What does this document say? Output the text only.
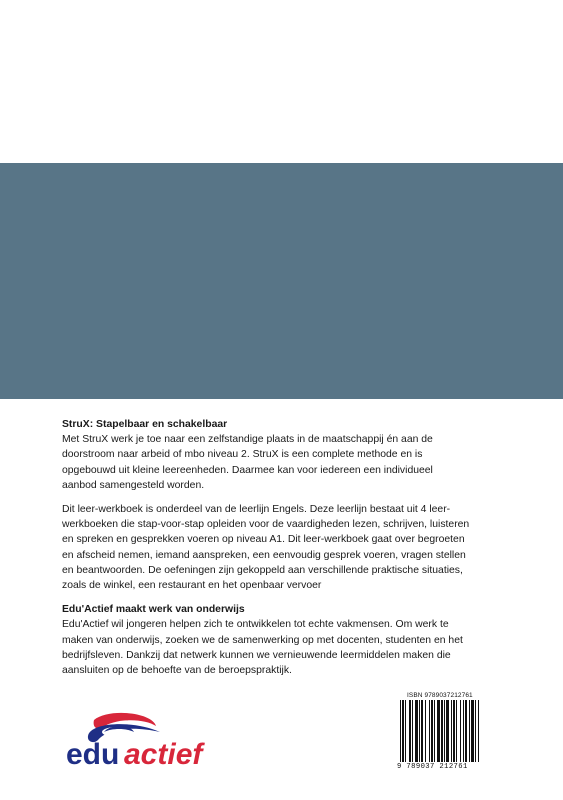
StruX: Stapelbaar en schakelbaar

Met StruX werk je toe naar een zelfstandige plaats in de maatschappij én aan de

doorstroom naar arbeid of mbo niveau 2. StruX is een complete methode en is

opgebouwd uit kleine leereenheden. Daarmee kan voor iedereen een individueel

aanbod samengesteld worden.

Dit leer-werkboek is onderdeel van de leerlijn Engels. Deze leerlijn bestaat uit 4 leer-

werkboeken die stap-voor-stap opleiden voor de vaardigheden lezen, schrijven, luisteren

en spreken en gesprekken voeren op niveau A1. Dit leer-werkboek gaat over begroeten

en afscheid nemen, iemand aanspreken, een eenvoudig gesprek voeren, vragen stellen

en beantwoorden. De oefeningen zijn gekoppeld aan verschillende praktische situaties,

zoals de winkel, een restaurant en het openbaar vervoer

Edu'Actief maakt werk van onderwijs

Edu'Actief wil jongeren helpen zich te ontwikkelen tot echte vakmensen. Om werk te

maken van onderwijs, zoeken we de samenwerking op met docenten, studenten en het

bedrijfsleven. Dankzij dat netwerk kunnen we vernieuwende leermiddelen maken die

aansluiten op de behoefte van de beroepspraktijk.

edu actief
ISBN 9789037212761
9 789037 212761
